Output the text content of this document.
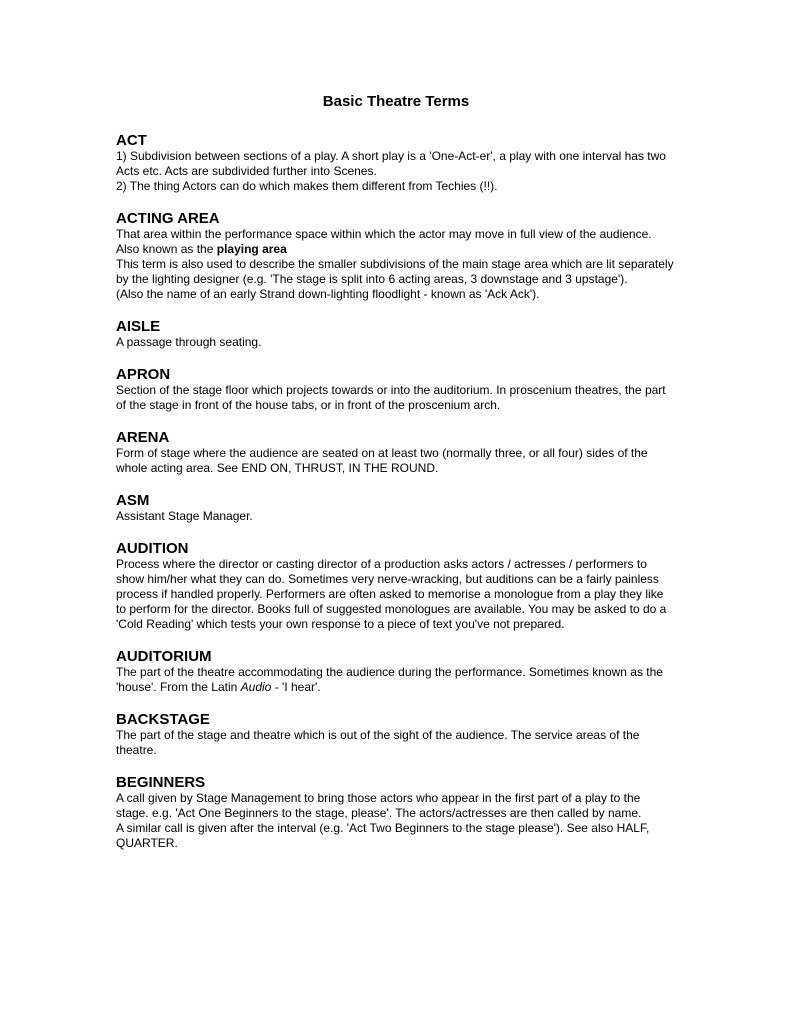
Basic Theatre Terms
ACT

1) Subdivision between sections of a play. A short play is a 'One-Act-er', a play with one interval has two Acts etc. Acts are subdivided further into Scenes.

2) The thing Actors can do which makes them different from Techies (!!).

ACTING AREA

That area within the performance space within which the actor may move in full view of the audience. Also known as the playing area

This term is also used to describe the smaller subdivisions of the main stage area which are lit separately by the lighting designer (e.g. 'The stage is split into 6 acting areas, 3 downstage and 3 upstage').

(Also the name of an early Strand down-lighting floodlight - known as 'Ack Ack').

AISLE

A passage through seating.

APRON

Section of the stage floor which projects towards or into the auditorium. In proscenium theatres, the part of the stage in front of the house tabs, or in front of the proscenium arch.

ARENA

Form of stage where the audience are seated on at least two (normally three, or all four) sides of the whole acting area. See END ON, THRUST, IN THE ROUND.

ASM

Assistant Stage Manager.

AUDITION

Process where the director or casting director of a production asks actors / actresses / performers to show him/her what they can do. Sometimes very nerve-wracking, but auditions can be a fairly painless process if handled properly. Performers are often asked to memorise a monologue from a play they like to perform for the director. Books full of suggested monologues are available. You may be asked to do a 'Cold Reading' which tests your own response to a piece of text you've not prepared.

AUDITORIUM

The part of the theatre accommodating the audience during the performance. Sometimes known as the 'house'. From the Latin Audio - 'I hear'.

BACKSTAGE

The part of the stage and theatre which is out of the sight of the audience. The service areas of the theatre.

BEGINNERS

A call given by Stage Management to bring those actors who appear in the first part of a play to the stage. e.g. 'Act One Beginners to the stage, please'. The actors/actresses are then called by name.

A similar call is given after the interval (e.g. 'Act Two Beginners to the stage please'). See also HALF, QUARTER.
